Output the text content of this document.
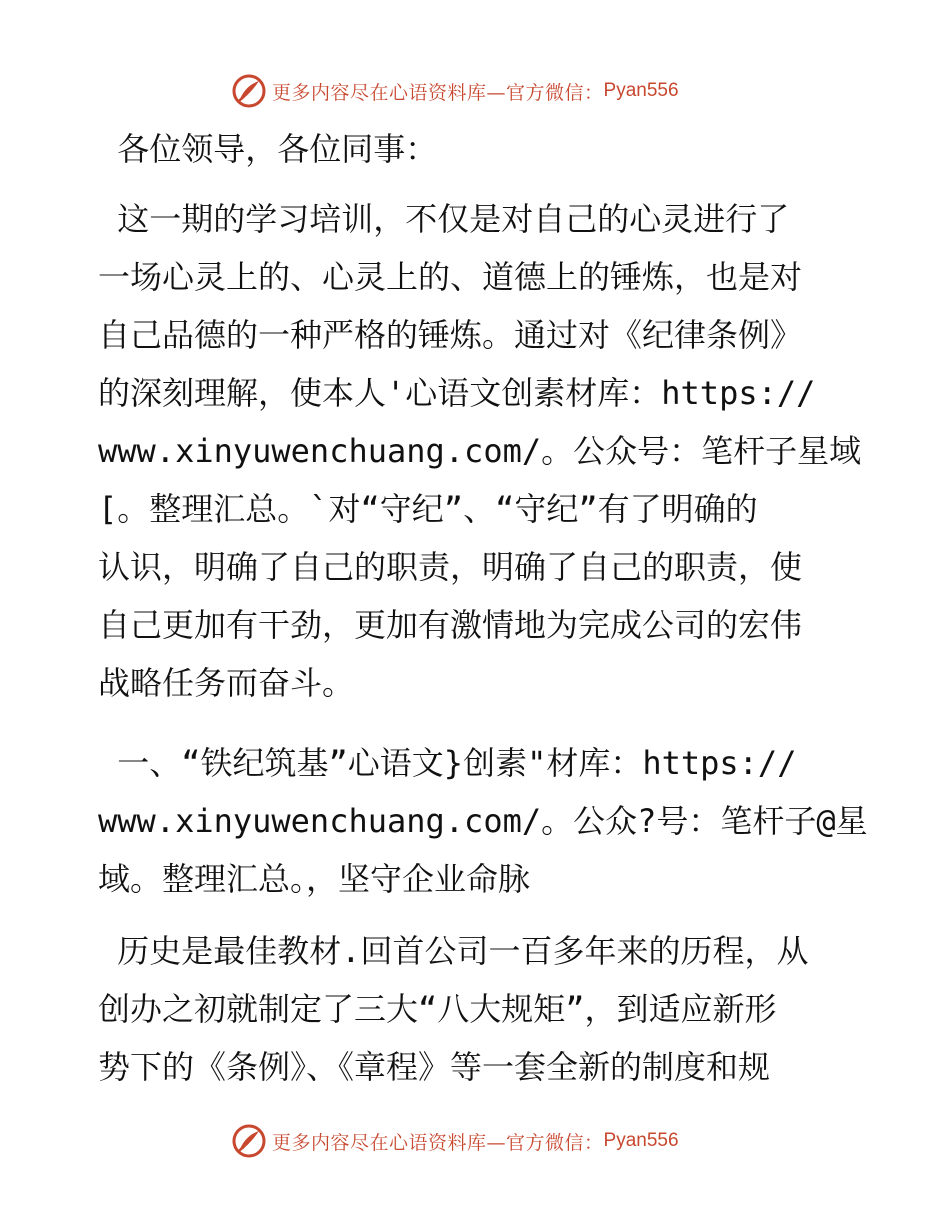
更多内容尽在心语资料库—官方微信： Pyan556

各位领导，各位同事：

这一期的学习培训，不仅是对自己的心灵进行了

一场心灵上的、心灵上的、道德上的锤炼，也是对

自己品德的一种严格的锤炼。通过对《纪律条例》

的深刻理解，使本人'心语文创素材库：https://

www.xinyuwenchuang.com/。公众号：笔杆子星域

[。整理汇总。`对“守纪”、“守纪”有了明确的

认识，明确了自己的职责，明确了自己的职责，使

自己更加有干劲，更加有激情地为完成公司的宏伟

战略任务而奋斗。

一、“铁纪筑基”心语文}创素"材库：https://

www.xinyuwenchuang.com/。公众?号：笔杆子@星

域。整理汇总。，坚守企业命脉

历史是最佳教材.回首公司一百多年来的历程，从

创办之初就制定了三大“八大规矩”，到适应新形

势下的《条例》、《章程》等一套全新的制度和规

更多内容尽在心语资料库—官方微信： Pyan556
